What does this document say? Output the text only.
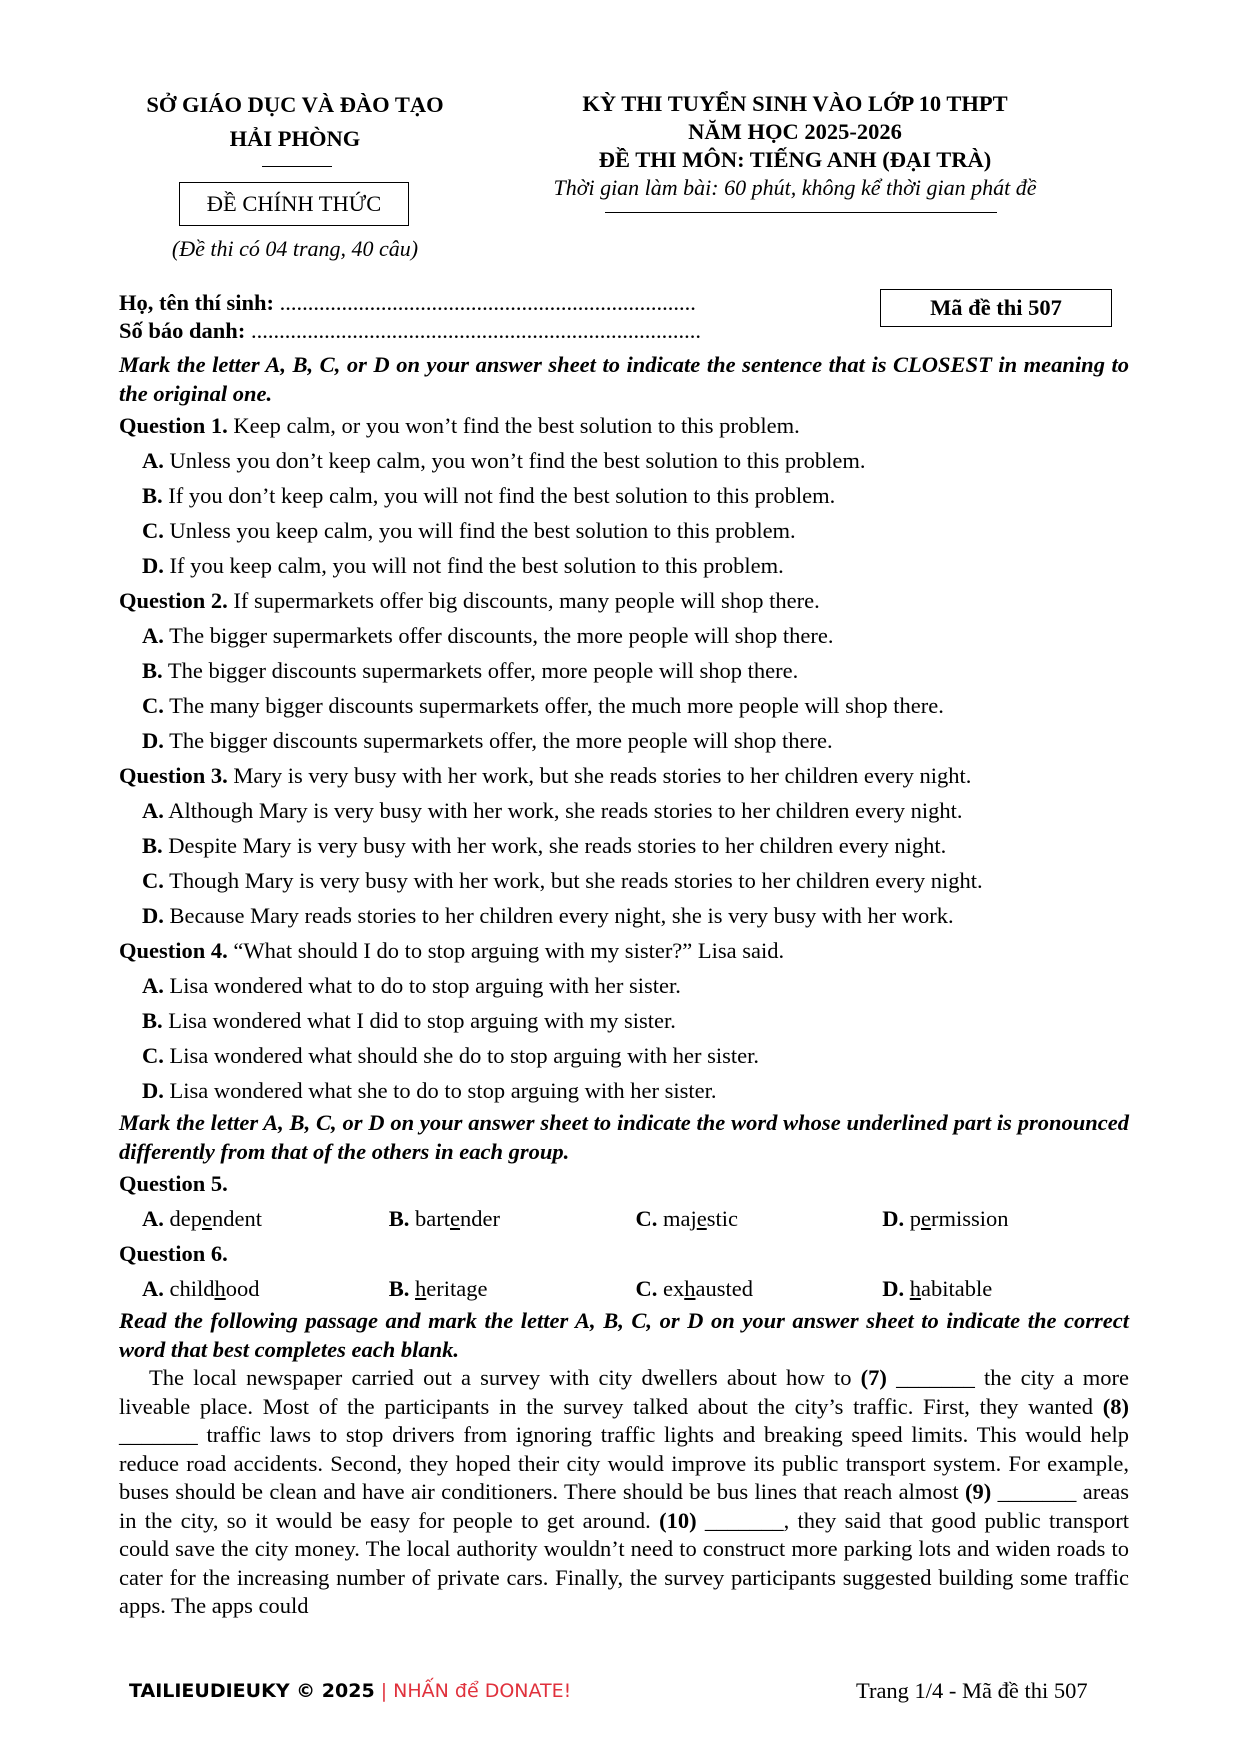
SỞ GIÁO DỤC VÀ ĐÀO TẠO
HẢI PHÒNG
ĐỀ CHÍNH THỨC
(Đề thi có 04 trang, 40 câu)
KỲ THI TUYỂN SINH VÀO LỚP 10 THPT
NĂM HỌC 2025-2026
ĐỀ THI MÔN: TIẾNG ANH (ĐẠI TRÀ)
Thời gian làm bài: 60 phút, không kể thời gian phát đề
Họ, tên thí sinh: ..........................................................................
Số báo danh: ................................................................................
Mã đề thi 507
Mark the letter A, B, C, or D on your answer sheet to indicate the sentence that is CLOSEST in meaning to the original one.
Question 1. Keep calm, or you won’t find the best solution to this problem.
A. Unless you don’t keep calm, you won’t find the best solution to this problem.
B. If you don’t keep calm, you will not find the best solution to this problem.
C. Unless you keep calm, you will find the best solution to this problem.
D. If you keep calm, you will not find the best solution to this problem.
Question 2. If supermarkets offer big discounts, many people will shop there.
A. The bigger supermarkets offer discounts, the more people will shop there.
B. The bigger discounts supermarkets offer, more people will shop there.
C. The many bigger discounts supermarkets offer, the much more people will shop there.
D. The bigger discounts supermarkets offer, the more people will shop there.
Question 3. Mary is very busy with her work, but she reads stories to her children every night.
A. Although Mary is very busy with her work, she reads stories to her children every night.
B. Despite Mary is very busy with her work, she reads stories to her children every night.
C. Though Mary is very busy with her work, but she reads stories to her children every night.
D. Because Mary reads stories to her children every night, she is very busy with her work.
Question 4. “What should I do to stop arguing with my sister?” Lisa said.
A. Lisa wondered what to do to stop arguing with her sister.
B. Lisa wondered what I did to stop arguing with my sister.
C. Lisa wondered what should she do to stop arguing with her sister.
D. Lisa wondered what she to do to stop arguing with her sister.
Mark the letter A, B, C, or D on your answer sheet to indicate the word whose underlined part is pronounced differently from that of the others in each group.
Question 5.
A. dependent	B. bartender	C. majestic	D. permission
Question 6.
A. childhood	B. heritage	C. exhausted	D. habitable
Read the following passage and mark the letter A, B, C, or D on your answer sheet to indicate the correct word that best completes each blank.
The local newspaper carried out a survey with city dwellers about how to (7) _______ the city a more liveable place. Most of the participants in the survey talked about the city’s traffic. First, they wanted (8) _______ traffic laws to stop drivers from ignoring traffic lights and breaking speed limits. This would help reduce road accidents. Second, they hoped their city would improve its public transport system. For example, buses should be clean and have air conditioners. There should be bus lines that reach almost (9) _______ areas in the city, so it would be easy for people to get around. (10) _______, they said that good public transport could save the city money. The local authority wouldn’t need to construct more parking lots and widen roads to cater for the increasing number of private cars. Finally, the survey participants suggested building some traffic apps. The apps could
TAILIEUDIEUKY © 2025 | NHẤN để DONATE!	Trang 1/4 - Mã đề thi 507
